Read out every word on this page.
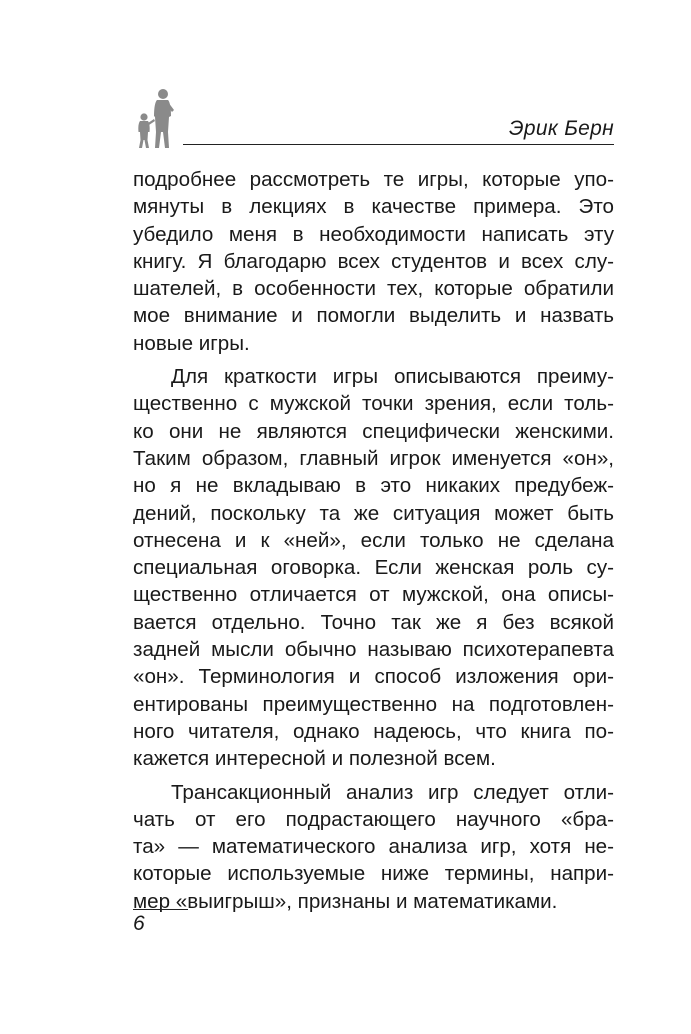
Эрик Берн
подробнее рассмотреть те игры, которые упо-
мянуты в лекциях в качестве примера. Это
убедило меня в необходимости написать эту
книгу. Я благодарю всех студентов и всех слу-
шателей, в особенности тех, которые обратили
мое внимание и помогли выделить и назвать
новые игры.
Для краткости игры описываются преиму-
щественно с мужской точки зрения, если толь-
ко они не являются специфически женскими.
Таким образом, главный игрок именуется «он»,
но я не вкладываю в это никаких предубеж-
дений, поскольку та же ситуация может быть
отнесена и к «ней», если только не сделана
специальная оговорка. Если женская роль су-
щественно отличается от мужской, она описы-
вается отдельно. Точно так же я без всякой
задней мысли обычно называю психотерапевта
«он». Терминология и способ изложения ори-
ентированы преимущественно на подготовлен-
ного читателя, однако надеюсь, что книга по-
кажется интересной и полезной всем.
Трансакционный анализ игр следует отли-
чать от его подрастающего научного «бра-
та» — математического анализа игр, хотя не-
которые используемые ниже термины, напри-
мер «выигрыш», признаны и математиками.
6
